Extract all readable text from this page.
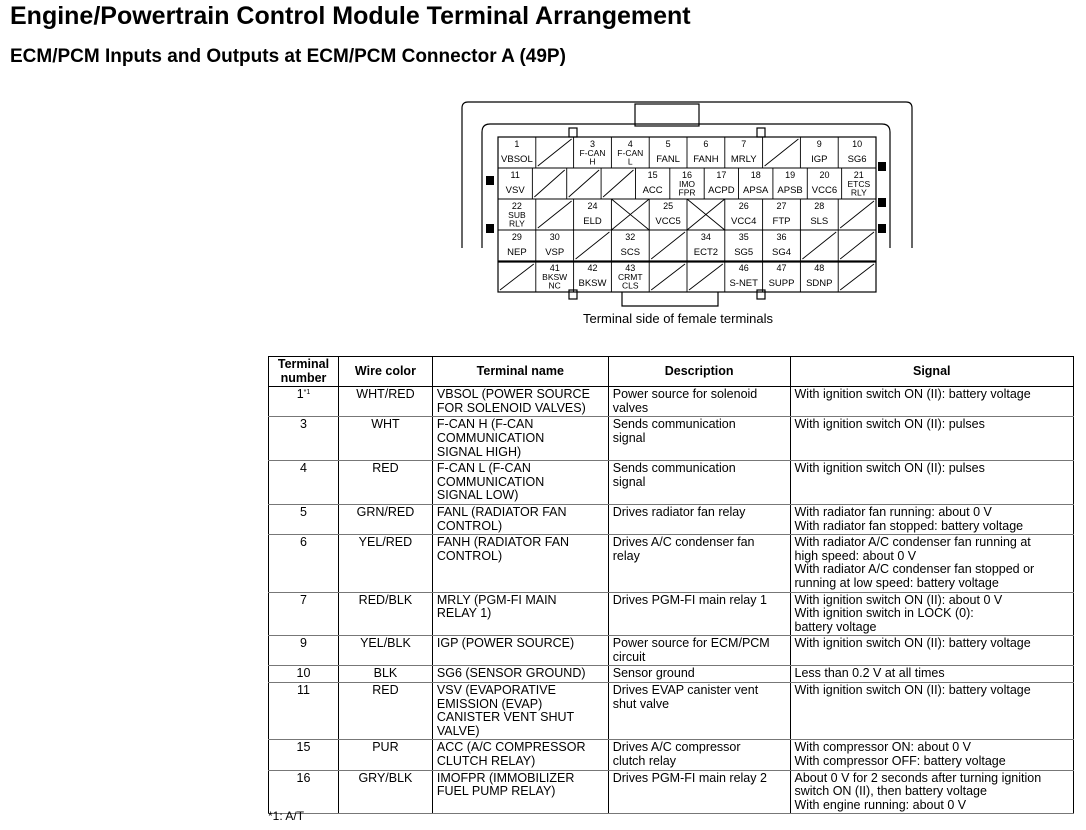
Engine/Powertrain Control Module Terminal Arrangement
ECM/PCM Inputs and Outputs at ECM/PCM Connector A (49P)
1
VBSOL
3
F-CAN
H
4
F-CAN
L
5
FANL
6
FANH
7
MRLY
9
IGP
10
SG6
11
VSV
15
ACC
16
IMO
FPR
17
ACPD
18
APSA
19
APSB
20
VCC6
21
ETCS
RLY
22
SUB
RLY
24
ELD
25
VCC5
26
VCC4
27
FTP
28
SLS
29
NEP
30
VSP
32
SCS
34
ECT2
35
SG5
36
SG4
41
BKSW
NC
42
BKSW
43
CRMT
CLS
46
S-NET
47
SUPP
48
SDNP
Terminal side of female terminals
Terminal
number	Wire color	Terminal name	Description	Signal
1$^{*1}$	WHT/RED	VBSOL (POWER SOURCE
FOR SOLENOID VALVES)	Power source for solenoid
valves	With ignition switch ON (II): battery voltage

3	WHT	F-CAN H (F-CAN
COMMUNICATION
SIGNAL HIGH)	Sends communication
signal	With ignition switch ON (II): pulses

4	RED	F-CAN L (F-CAN
COMMUNICATION
SIGNAL LOW)	Sends communication
signal	With ignition switch ON (II): pulses

5	GRN/RED	FANL (RADIATOR FAN
CONTROL)	Drives radiator fan relay	With radiator fan running: about 0 V
With radiator fan stopped: battery voltage

6	YEL/RED	FANH (RADIATOR FAN
CONTROL)	Drives A/C condenser fan
relay	With radiator A/C condenser fan running at
high speed: about 0 V
With radiator A/C condenser fan stopped or
running at low speed: battery voltage

7	RED/BLK	MRLY (PGM-FI MAIN
RELAY 1)	Drives PGM-FI main relay 1	With ignition switch ON (II): about 0 V
With ignition switch in LOCK (0):
battery voltage

9	YEL/BLK	IGP (POWER SOURCE)	Power source for ECM/PCM
circuit	With ignition switch ON (II): battery voltage

10	BLK	SG6 (SENSOR GROUND)	Sensor ground	Less than 0.2 V at all times

11	RED	VSV (EVAPORATIVE
EMISSION (EVAP)
CANISTER VENT SHUT
VALVE)	Drives EVAP canister vent
shut valve	With ignition switch ON (II): battery voltage

15	PUR	ACC (A/C COMPRESSOR
CLUTCH RELAY)	Drives A/C compressor
clutch relay	With compressor ON: about 0 V
With compressor OFF: battery voltage

16	GRY/BLK	IMOFPR (IMMOBILIZER
FUEL PUMP RELAY)	Drives PGM-FI main relay 2	About 0 V for 2 seconds after turning ignition
switch ON (II), then battery voltage
With engine running: about 0 V
*1: A/T
